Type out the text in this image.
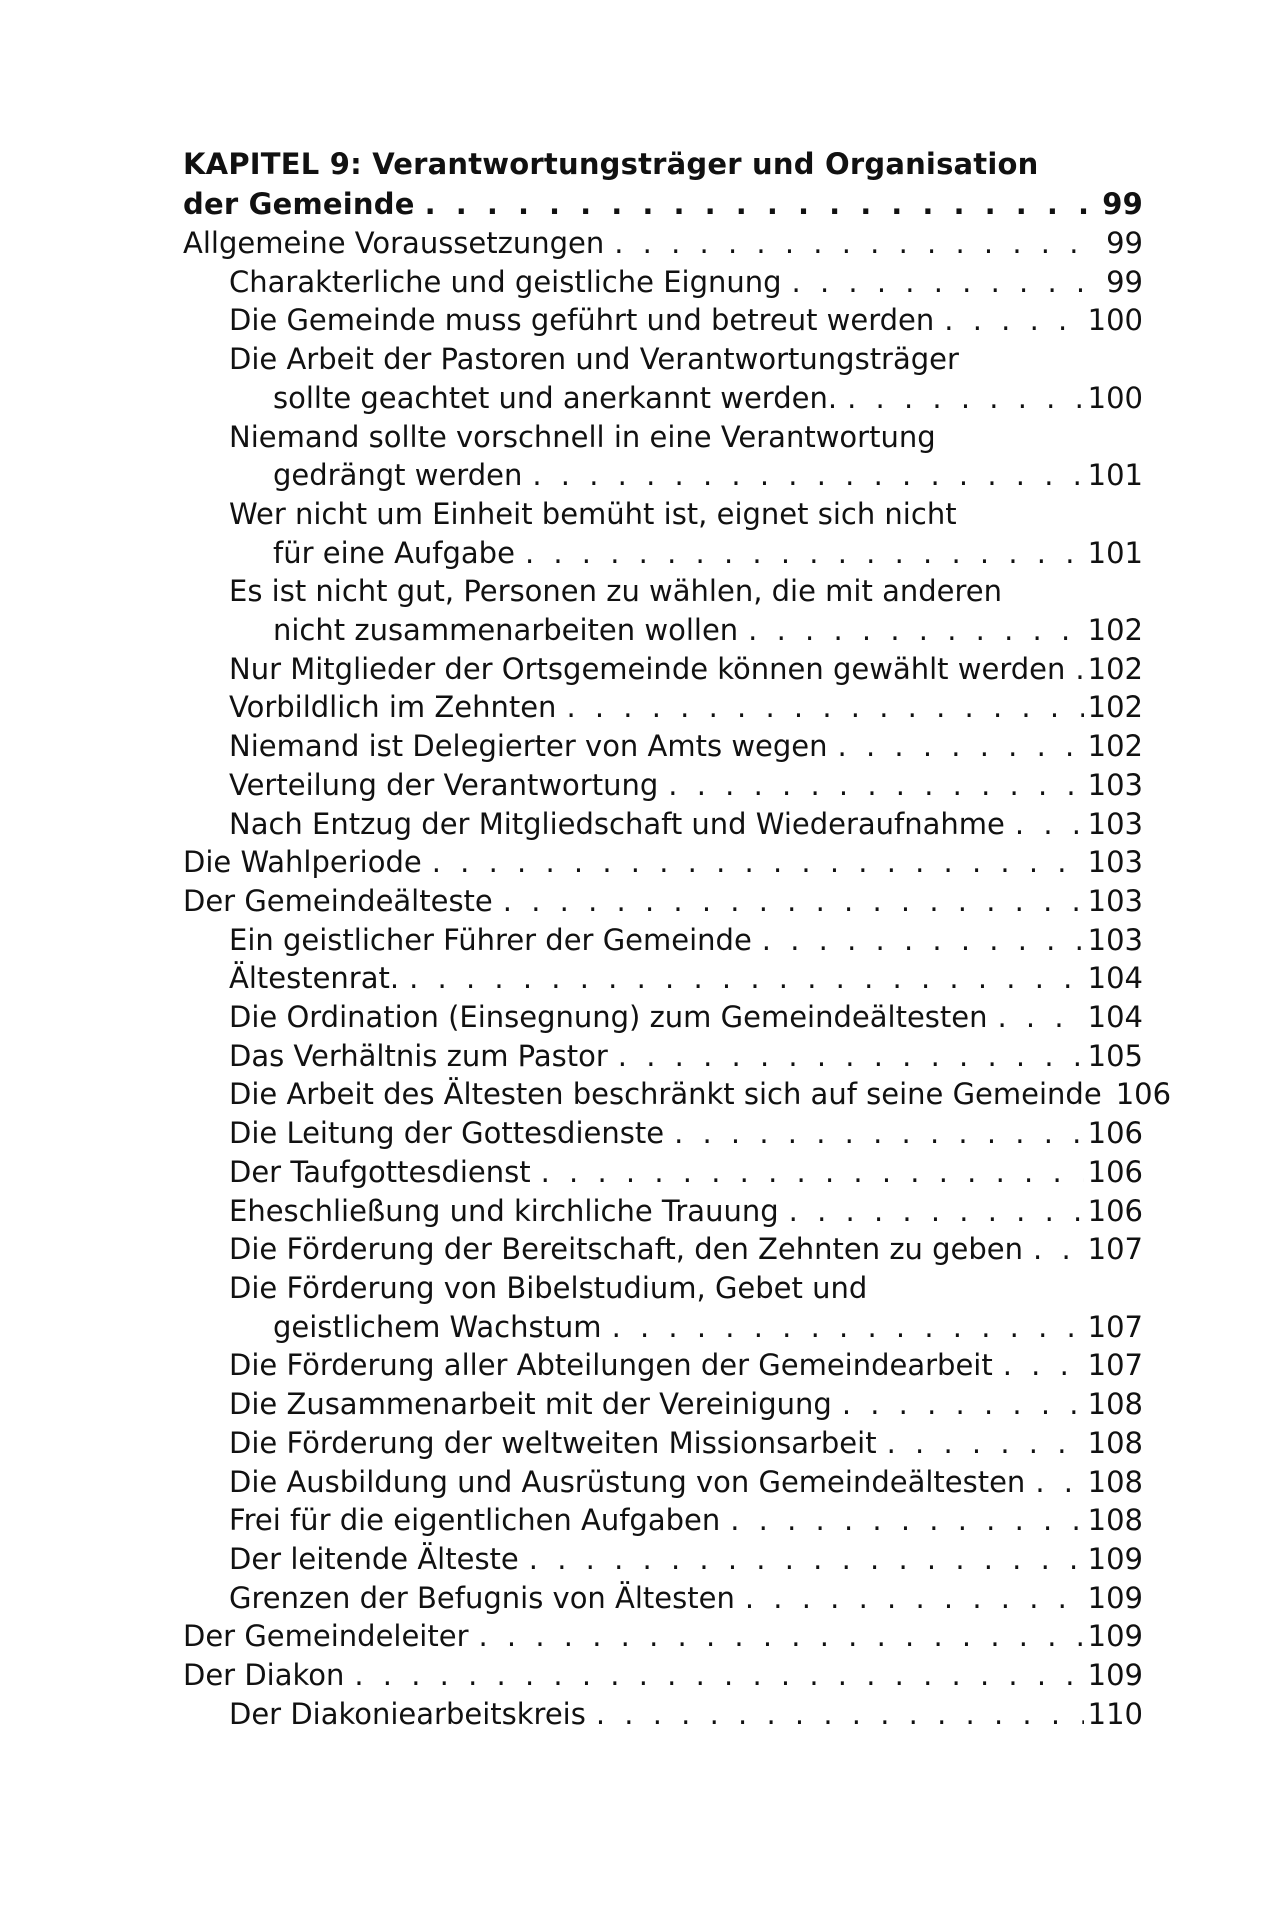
KAPITEL 9: Verantwortungsträger und Organisation
der Gemeinde . . .	99
Allgemeine Voraussetzungen . . .	99
Charakterliche und geistliche Eignung . . .	99
Die Gemeinde muss geführt und betreut werden . . .	100
Die Arbeit der Pastoren und Verantwortungsträger
sollte geachtet und anerkannt werden. . . .	100
Niemand sollte vorschnell in eine Verantwortung
gedrängt werden . . .	101
Wer nicht um Einheit bemüht ist, eignet sich nicht
für eine Aufgabe . . .	101
Es ist nicht gut, Personen zu wählen, die mit anderen
nicht zusammenarbeiten wollen . . .	102
Nur Mitglieder der Ortsgemeinde können gewählt werden . . . 102
Vorbildlich im Zehnten . . .	102
Niemand ist Delegierter von Amts wegen . . .	102
Verteilung der Verantwortung . . .	103
Nach Entzug der Mitgliedschaft und Wiederaufnahme . . .	103
Die Wahlperiode . . .	103
Der Gemeindeälteste . . .	103
Ein geistlicher Führer der Gemeinde . . .	103
Ältestenrat. . . .	104
Die Ordination (Einsegnung) zum Gemeindeältesten . . .	104
Das Verhältnis zum Pastor . . .	105
Die Arbeit des Ältesten beschränkt sich auf seine Gemeinde 106
Die Leitung der Gottesdienste . . .	106
Der Taufgottesdienst . . .	106
Eheschließung und kirchliche Trauung . . .	106
Die Förderung der Bereitschaft, den Zehnten zu geben . . . 107
Die Förderung von Bibelstudium, Gebet und
geistlichem Wachstum . . .	107
Die Förderung aller Abteilungen der Gemeindearbeit . . .	107
Die Zusammenarbeit mit der Vereinigung . . .	108
Die Förderung der weltweiten Missionsarbeit . . .	108
Die Ausbildung und Ausrüstung von Gemeindeältesten . . . 108
Frei für die eigentlichen Aufgaben . . .	108
Der leitende Älteste . . .	109
Grenzen der Befugnis von Ältesten . . .	109
Der Gemeindeleiter . . .	109
Der Diakon . . .	109
Der Diakoniearbeitskreis . . .	110
